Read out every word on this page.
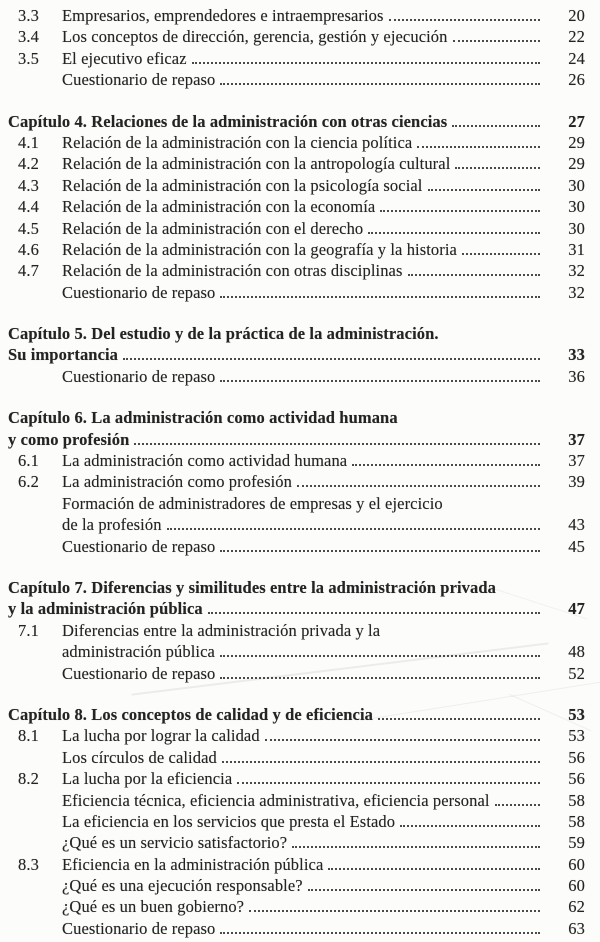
3.3	Empresarios, emprendedores e intraempresarios	20
3.4	Los conceptos de dirección, gerencia, gestión y ejecución	22
3.5	El ejecutivo eficaz	24
Cuestionario de repaso	26
Capítulo 4. Relaciones de la administración con otras ciencias	27
4.1	Relación de la administración con la ciencia política	29
4.2	Relación de la administración con la antropología cultural	29
4.3	Relación de la administración con la psicología social	30
4.4	Relación de la administración con la economía	30
4.5	Relación de la administración con el derecho	30
4.6	Relación de la administración con la geografía y la historia	31
4.7	Relación de la administración con otras disciplinas	32
Cuestionario de repaso	32
Capítulo 5. Del estudio y de la práctica de la administración.
Su importancia	33
Cuestionario de repaso	36
Capítulo 6. La administración como actividad humana
y como profesión	37
6.1	La administración como actividad humana	37
6.2	La administración como profesión	39
Formación de administradores de empresas y el ejercicio
de la profesión	43
Cuestionario de repaso	45
Capítulo 7. Diferencias y similitudes entre la administración privada
y la administración pública	47
7.1	Diferencias entre la administración privada y la
administración pública	48
Cuestionario de repaso	52
Capítulo 8. Los conceptos de calidad y de eficiencia	53
8.1	La lucha por lograr la calidad	53
Los círculos de calidad	56
8.2	La lucha por la eficiencia	56
Eficiencia técnica, eficiencia administrativa, eficiencia personal	58
La eficiencia en los servicios que presta el Estado	58
¿Qué es un servicio satisfactorio?	59
8.3	Eficiencia en la administración pública	60
¿Qué es una ejecución responsable?	60
¿Qué es un buen gobierno?	62
Cuestionario de repaso	63
